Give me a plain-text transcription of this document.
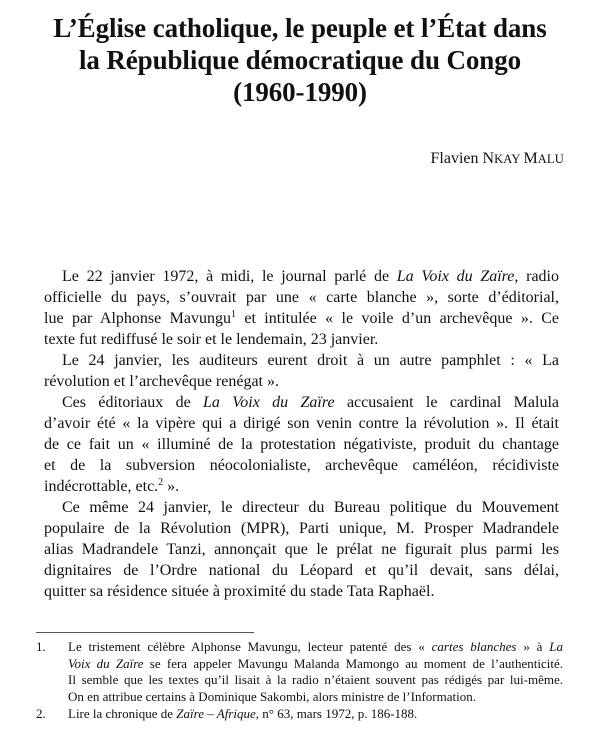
L’Église catholique, le peuple et l’État dans
la République démocratique du Congo
(1960-1990)
Flavien NKAY MALU
Le 22 janvier 1972, à midi, le journal parlé de La Voix du Zaïre, radio
officielle du pays, s’ouvrait par une « carte blanche », sorte d’éditorial,
lue par Alphonse Mavungu$^1$ et intitulée « le voile d’un archevêque ». Ce
texte fut rediffusé le soir et le lendemain, 23 janvier.
Le 24 janvier, les auditeurs eurent droit à un autre pamphlet : « La
révolution et l’archevêque renégat ».
Ces éditoriaux de La Voix du Zaïre accusaient le cardinal Malula
d’avoir été « la vipère qui a dirigé son venin contre la révolution ». Il était
de ce fait un « illuminé de la protestation négativiste, produit du chantage
et de la subversion néocolonialiste, archevêque caméléon, récidiviste
indécrottable, etc.$^2$ ».
Ce même 24 janvier, le directeur du Bureau politique du Mouvement
populaire de la Révolution (MPR), Parti unique, M. Prosper Madrandele
alias Madrandele Tanzi, annonçait que le prélat ne figurait plus parmi les
dignitaires de l’Ordre national du Léopard et qu’il devait, sans délai,
quitter sa résidence située à proximité du stade Tata Raphaël.
1. Le tristement célèbre Alphonse Mavungu, lecteur patenté des « cartes blanches » à La
Voix du Zaïre se fera appeler Mavungu Malanda Mamongo au moment de l’authenticité.
Il semble que les textes qu’il lisait à la radio n’étaient souvent pas rédigés par lui-même.
On en attribue certains à Dominique Sakombi, alors ministre de l’Information.
2. Lire la chronique de Zaïre – Afrique, n° 63, mars 1972, p. 186-188.
